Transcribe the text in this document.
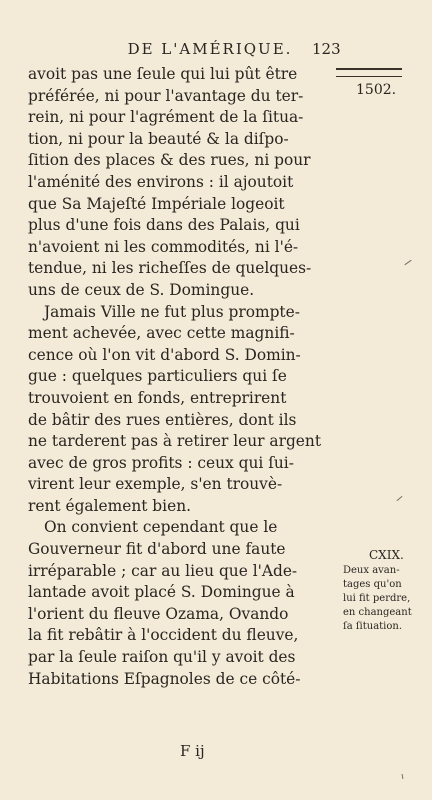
DE L'AMÉRIQUE.	123
1502.
avoit pas une ſeule qui lui pût être
préférée, ni pour l'avantage du ter-
rein, ni pour l'agrément de la ſitua-
tion, ni pour la beauté & la diſpo-
ſition des places & des rues, ni pour
l'aménité des environs : il ajoutoit
que Sa Majeſté Impériale logeoit
plus d'une fois dans des Palais, qui
n'avoient ni les commodités, ni l'é-
tendue, ni les richeſſes de quelques-
uns de ceux de S. Domingue.
Jamais Ville ne fut plus prompte-
ment achevée, avec cette magnifi-
cence où l'on vit d'abord S. Domin-
gue : quelques particuliers qui ſe
trouvoient en fonds, entreprirent
de bâtir des rues entières, dont ils
ne tarderent pas à retirer leur argent
avec de gros profits : ceux qui ſui-
virent leur exemple, s'en trouvè-
rent également bien.
On convient cependant que le
Gouverneur fit d'abord une faute
irréparable ; car au lieu que l'Ade-
lantade avoit placé S. Domingue à
l'orient du fleuve Ozama, Ovando
la fit rebâtir à l'occident du fleuve,
par la ſeule raiſon qu'il y avoit des
Habitations Eſpagnoles de ce côté-
CXIX.
Deux avan-
tages qu'on
lui fit perdre,
en changeant
ſa ſituation.
F ij
